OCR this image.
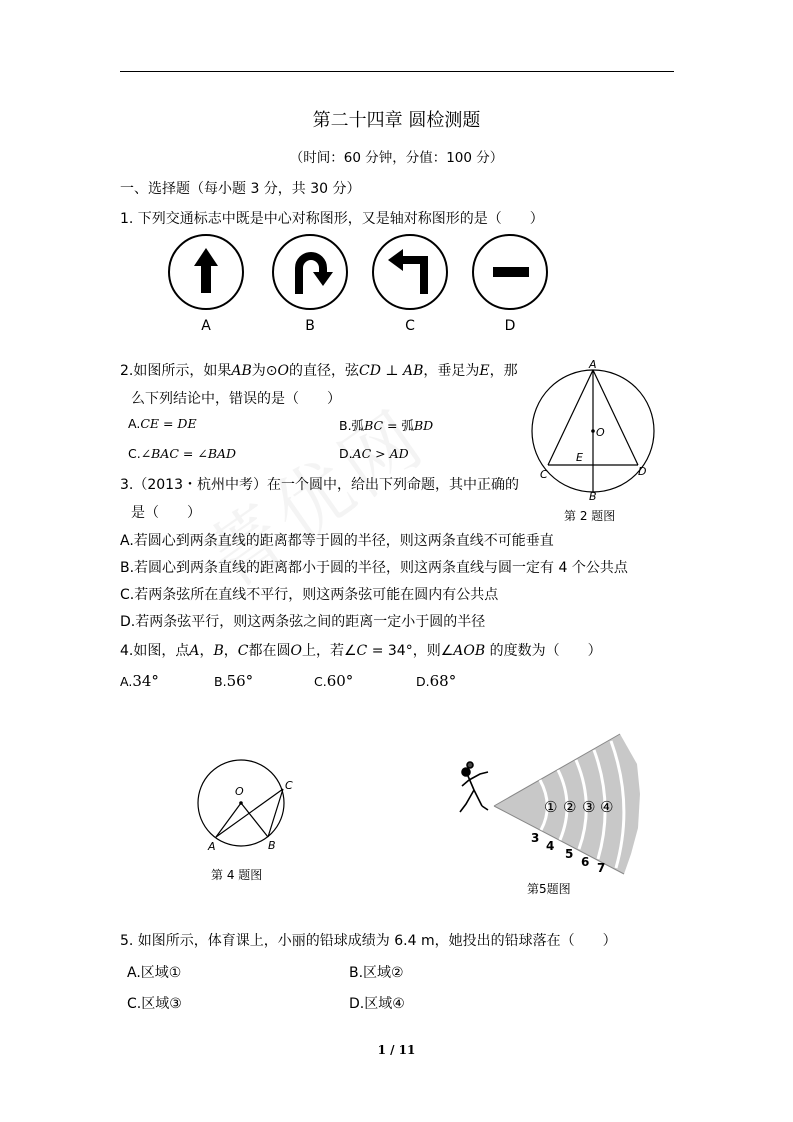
第二十四章 圆检测题
（时间：60 分钟，分值：100 分）
一、选择题（每小题 3 分，共 30 分）
1. 下列交通标志中既是中心对称图形，又是轴对称图形的是（　　）
A	B	C	D
2.如图所示，如果AB为⊙O的直径，弦CD ⊥ AB，垂足为E，那
么下列结论中，错误的是（　　）
A.CE = DE	B.弧BC = 弧BD
C.∠BAC = ∠BAD	D.AC > AD
A
O
E
C	D
B
第 2 题图
3.（2013・杭州中考）在一个圆中，给出下列命题，其中正确的
是（　　）
A.若圆心到两条直线的距离都等于圆的半径，则这两条直线不可能垂直
B.若圆心到两条直线的距离都小于圆的半径，则这两条直线与圆一定有 4 个公共点
C.若两条弦所在直线不平行，则这两条弦可能在圆内有公共点
D.若两条弦平行，则这两条弦之间的距离一定小于圆的半径
4.如图，点A，B，C都在圆O上，若∠C = 34°，则∠AOB 的度数为（　　）
A.34°	B.56°	C.60°	D.68°
O
A	B
C
第 4 题图
① ② ③ ④
3
4
5
6 7
第5题图
5. 如图所示，体育课上，小丽的铅球成绩为 6.4 m，她投出的铅球落在（　　）
A.区域①	B.区域②
C.区域③	D.区域④
1 / 11
